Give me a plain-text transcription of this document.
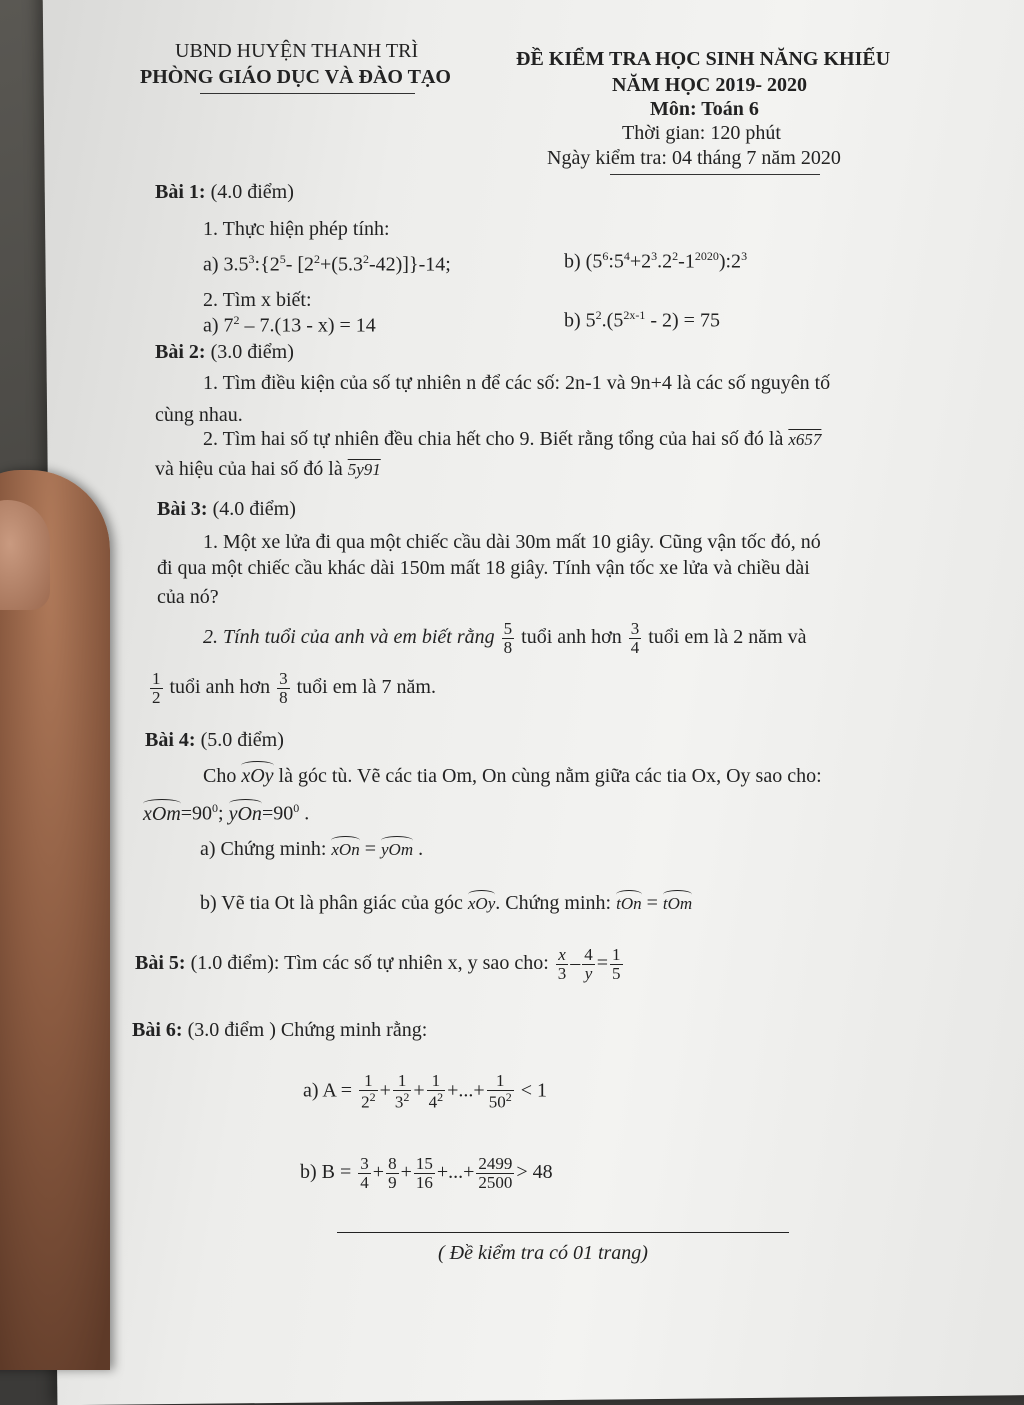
UBND HUYỆN THANH TRÌ
PHÒNG GIÁO DỤC VÀ ĐÀO TẠO
ĐỀ KIỂM TRA HỌC SINH NĂNG KHIẾU
NĂM HỌC 2019- 2020
Môn: Toán 6
Thời gian: 120 phút
Ngày kiểm tra: 04 tháng 7 năm 2020
Bài 1: (4.0 điểm)
1. Thực hiện phép tính:
a) $3.5^3:\{2^5-$ $[2^2+(5.3^2-42)]\}-14$;	b) $(5^6:5^4+2^3.2^2-1^{2020}):2^3$
2. Tìm x biết:
a) $7^2 - 7.(13 - x) = 14$	b) $5^2.(5^{2x-1} - 2) = 75$
Bài 2: (3.0 điểm)
1. Tìm điều kiện của số tự nhiên n để các số: 2n-1 và 9n+4 là các số nguyên tố
cùng nhau.
2. Tìm hai số tự nhiên đều chia hết cho 9. Biết rằng tổng của hai số đó là x657
và hiệu của hai số đó là 5y91
Bài 3: (4.0 điểm)
1. Một xe lửa đi qua một chiếc cầu dài 30m mất 10 giây. Cũng vận tốc đó, nó
đi qua một chiếc cầu khác dài 150m mất 18 giây. Tính vận tốc xe lửa và chiều dài
của nó?
2. Tính tuổi của anh và em biết rằng $\frac{5}{8}$ tuổi anh hơn $\frac{3}{4}$ tuổi em là 2 năm và
$\frac{1}{2}$ tuổi anh hơn $\frac{3}{8}$ tuổi em là 7 năm.
Bài 4: (5.0 điểm)
Cho xOy là góc tù. Vẽ các tia Om, On cùng nằm giữa các tia Ox, Oy sao cho:
$xOm=90^0$; $yOn=90^0$ .
a) Chứng minh: xOn = yOm .
b) Vẽ tia Ot là phân giác của góc xOy. Chứng minh: tOn = tOm
Bài 5: (1.0 điểm): Tìm các số tự nhiên x, y sao cho: $\frac{x}{3} - \frac{4}{y} = \frac{1}{5}$
Bài 6: (3.0 điểm ) Chứng minh rằng:
a) $A = \frac{1}{2^2} + \frac{1}{3^2} + \frac{1}{4^2}$ +...+ $\frac{1}{50^2} < 1$
b) $B = \frac{3}{4} + \frac{8}{9} + \frac{15}{16}$ +...+ $\frac{2499}{2500} > 48$
( Đề kiểm tra có 01 trang)
